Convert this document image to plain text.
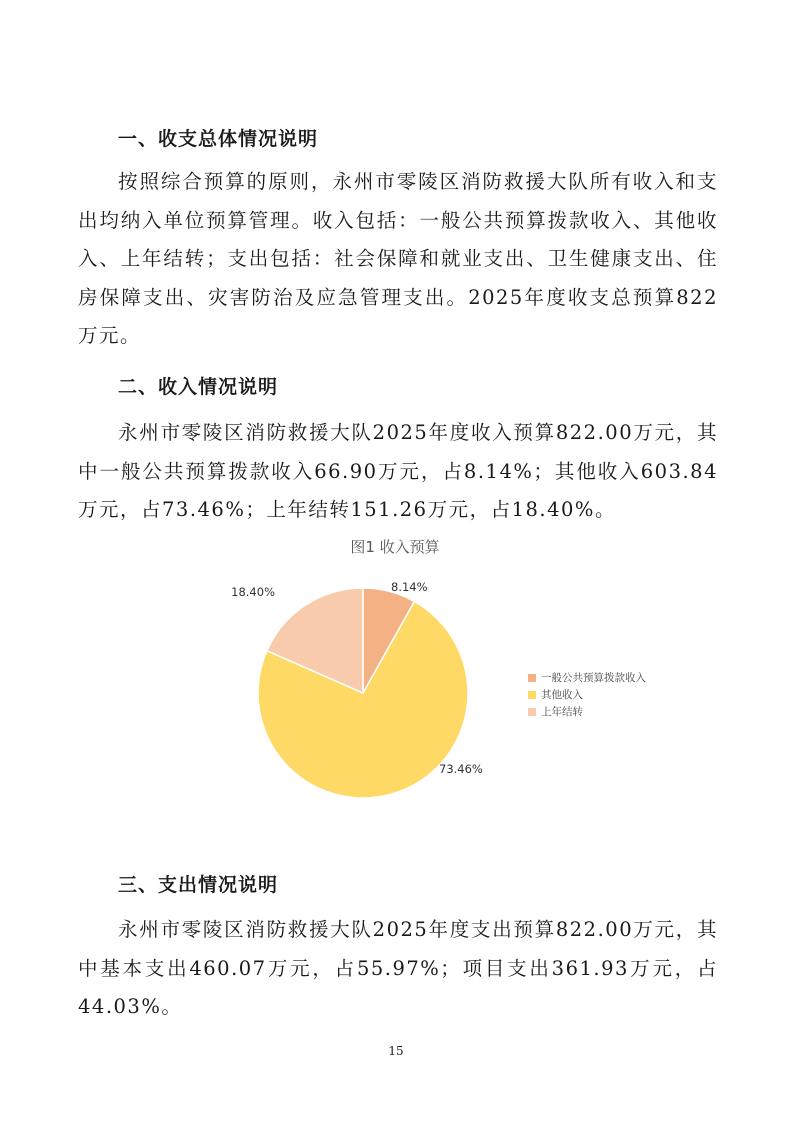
一、收支总体情况说明
按照综合预算的原则，永州市零陵区消防救援大队所有收入和支出均纳入单位预算管理。收入包括：一般公共预算拨款收入、其他收入、上年结转；支出包括：社会保障和就业支出、卫生健康支出、住房保障支出、灾害防治及应急管理支出。2025年度收支总预算822万元。
二、收入情况说明
永州市零陵区消防救援大队2025年度收入预算822.00万元，其中一般公共预算拨款收入66.90万元，占8.14%；其他收入603.84万元，占73.46%；上年结转151.26万元，占18.40%。
图1 收入预算
8.14%
73.46%
18.40%
一般公共预算拨款收入
其他收入
上年结转
三、支出情况说明
永州市零陵区消防救援大队2025年度支出预算822.00万元，其中基本支出460.07万元，占55.97%；项目支出361.93万元，占44.03%。
15
